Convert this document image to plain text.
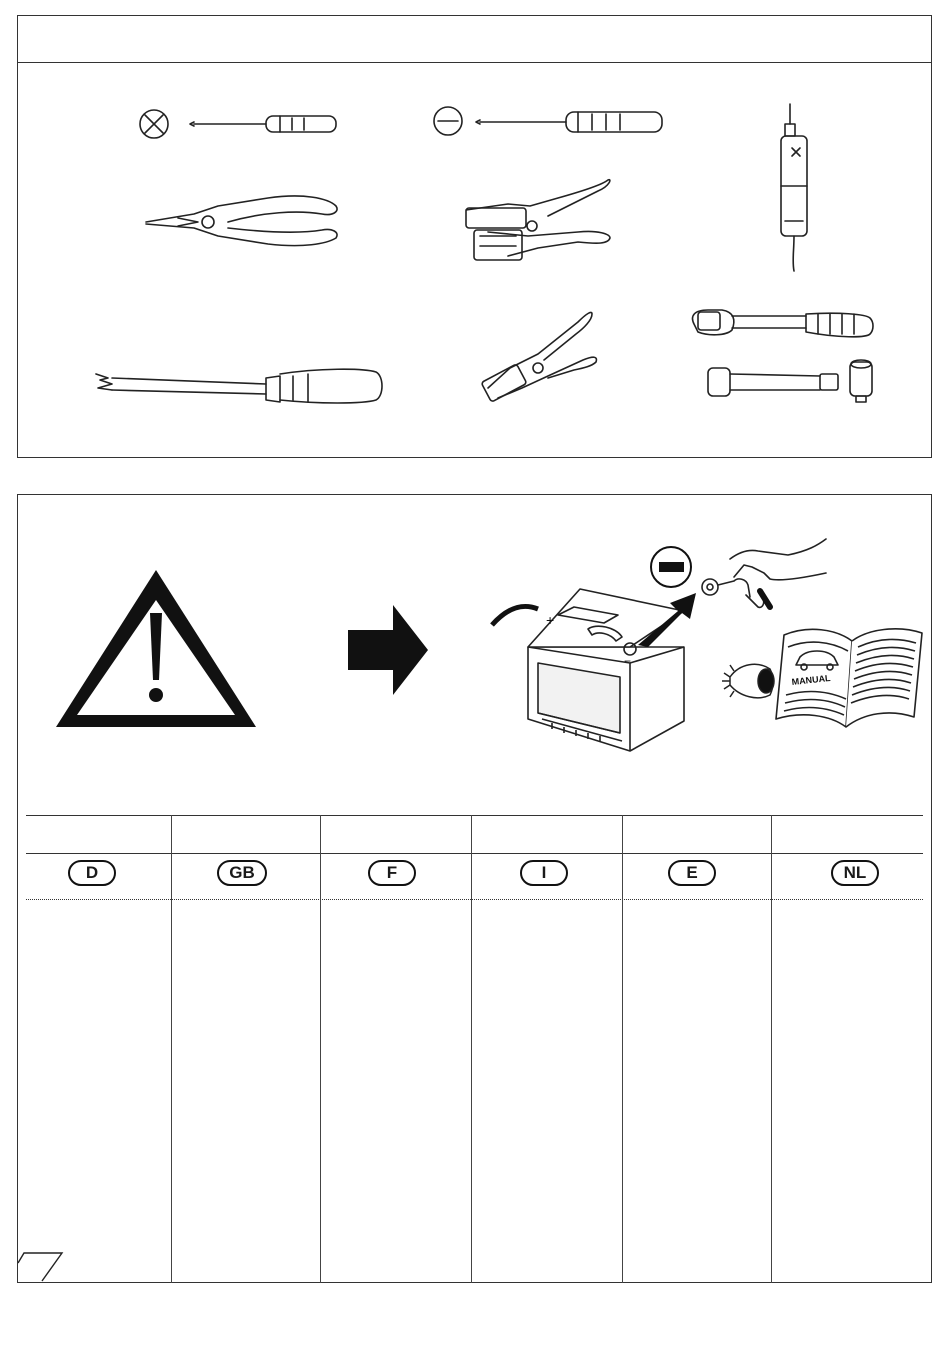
+
−
MANUAL
D	GB	F	I	E	NL
